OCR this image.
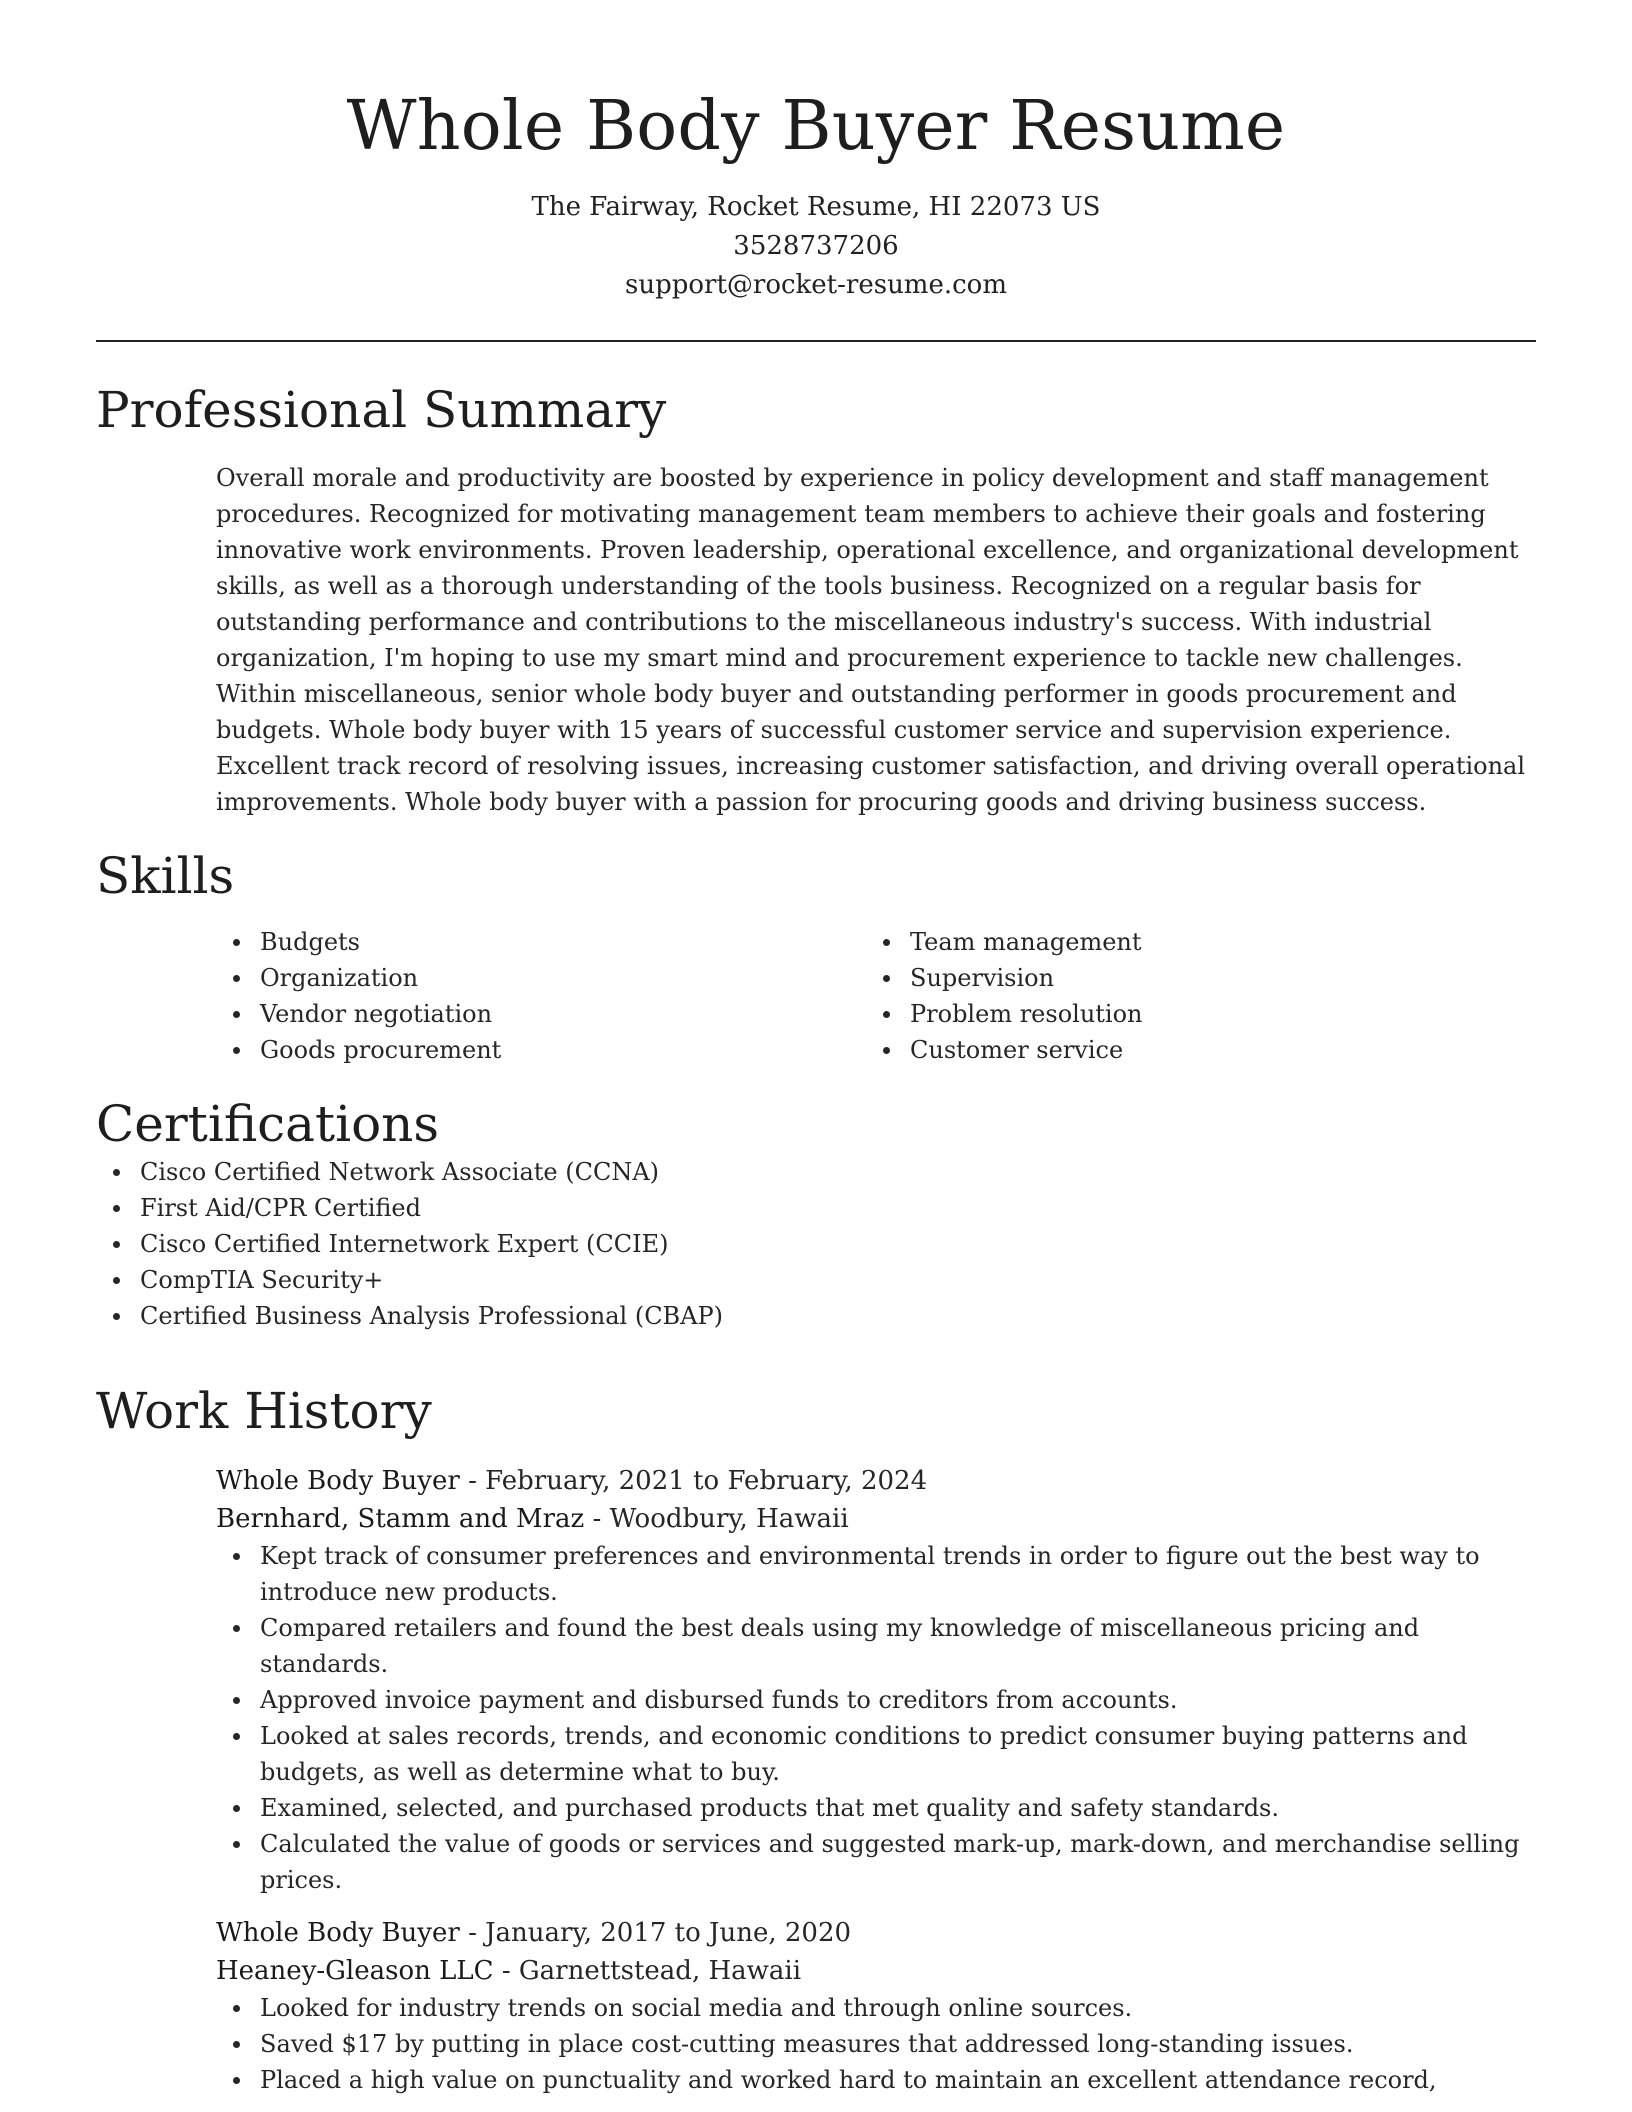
Whole Body Buyer Resume
The Fairway, Rocket Resume, HI 22073 US
3528737206
support@rocket-resume.com
Professional Summary
Overall morale and productivity are boosted by experience in policy development and staff management procedures. Recognized for motivating management team members to achieve their goals and fostering innovative work environments. Proven leadership, operational excellence, and organizational development skills, as well as a thorough understanding of the tools business. Recognized on a regular basis for outstanding performance and contributions to the miscellaneous industry's success. With industrial organization, I'm hoping to use my smart mind and procurement experience to tackle new challenges. Within miscellaneous, senior whole body buyer and outstanding performer in goods procurement and budgets. Whole body buyer with 15 years of successful customer service and supervision experience. Excellent track record of resolving issues, increasing customer satisfaction, and driving overall operational improvements. Whole body buyer with a passion for procuring goods and driving business success.
Skills
Budgets
Organization
Vendor negotiation
Goods procurement
Team management
Supervision
Problem resolution
Customer service
Certifications
Cisco Certified Network Associate (CCNA)
First Aid/CPR Certified
Cisco Certified Internetwork Expert (CCIE)
CompTIA Security+
Certified Business Analysis Professional (CBAP)
Work History
Whole Body Buyer - February, 2021 to February, 2024
Bernhard, Stamm and Mraz - Woodbury, Hawaii
Kept track of consumer preferences and environmental trends in order to figure out the best way to introduce new products.
Compared retailers and found the best deals using my knowledge of miscellaneous pricing and standards.
Approved invoice payment and disbursed funds to creditors from accounts.
Looked at sales records, trends, and economic conditions to predict consumer buying patterns and budgets, as well as determine what to buy.
Examined, selected, and purchased products that met quality and safety standards.
Calculated the value of goods or services and suggested mark-up, mark-down, and merchandise selling prices.
Whole Body Buyer - January, 2017 to June, 2020
Heaney-Gleason LLC - Garnettstead, Hawaii
Looked for industry trends on social media and through online sources.
Saved $17 by putting in place cost-cutting measures that addressed long-standing issues.
Placed a high value on punctuality and worked hard to maintain an excellent attendance record,
